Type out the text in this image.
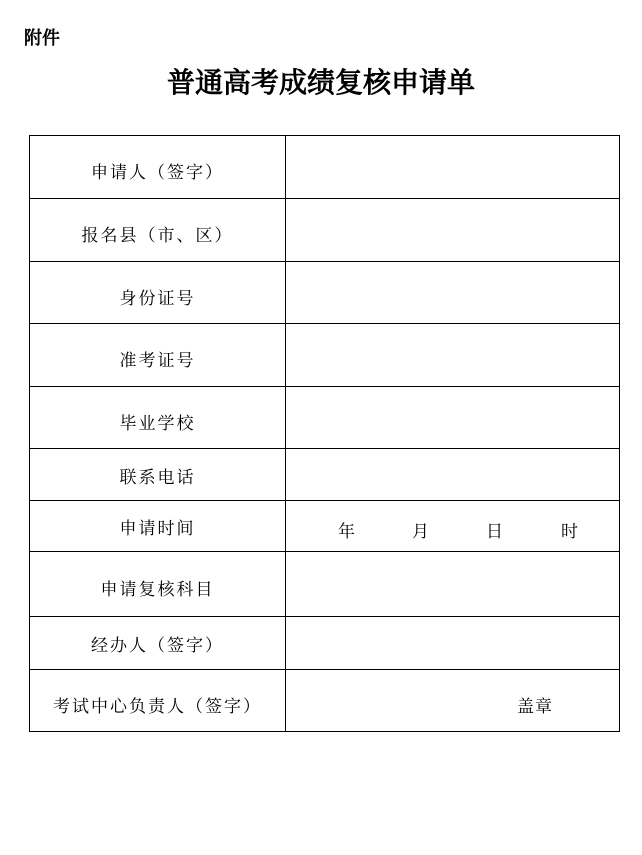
附件
普通高考成绩复核申请单
申请人（签字）	
报名县（市、区）	
身份证号	
准考证号	
毕业学校	
联系电话	
申请时间	年 月 日 时

申请复核科目	
经办人（签字）	
考试中心负责人（签字）	盖章
